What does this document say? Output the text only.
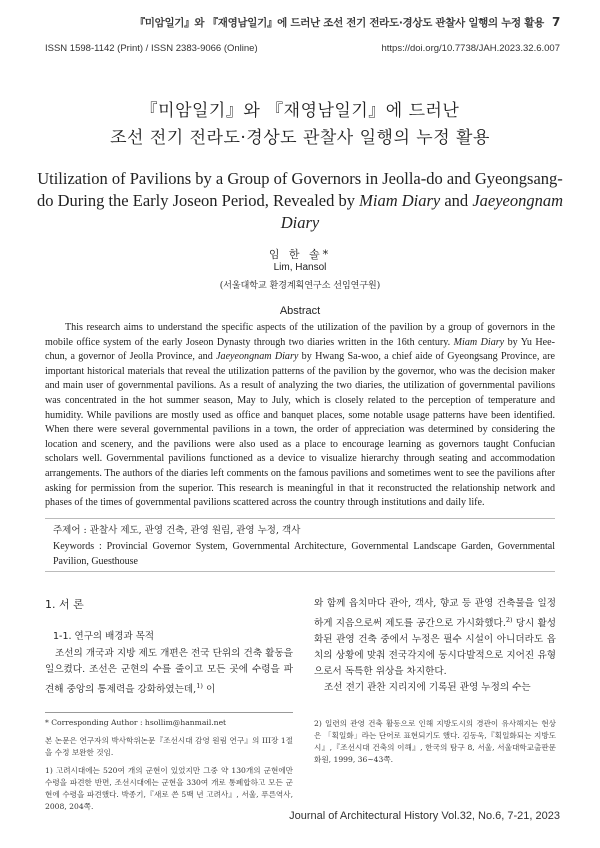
『미암일기』와 『재영남일기』에 드러난 조선 전기 전라도·경상도 관찰사 일행의 누정 활용 7
ISSN 1598-1142 (Print) / ISSN 2383-9066 (Online)	https://doi.org/10.7738/JAH.2023.32.6.007
『미암일기』와 『재영남일기』에 드러난
조선 전기 전라도·경상도 관찰사 일행의 누정 활용
Utilization of Pavilions by a Group of Governors in Jeolla-do and Gyeongsang-do During the Early Joseon Period, Revealed by Miam Diary and Jaeyeongnam Diary
임 한 솔*
Lim, Hansol
(서울대학교 환경계획연구소 선임연구원)
Abstract

This research aims to understand the specific aspects of the utilization of the pavilion by a group of governors in the mobile office system of the early Joseon Dynasty through two diaries written in the 16th century. Miam Diary by Yu Hee-chun, a governor of Jeolla Province, and Jaeyeongnam Diary by Hwang Sa-woo, a chief aide of Gyeongsang Province, are important historical materials that reveal the utilization patterns of the pavilion by the governor, who was the decision maker and main user of governmental pavilions. As a result of analyzing the two diaries, the utilization of governmental pavilions was concentrated in the hot summer season, May to July, which is closely related to the perception of temperature and humidity. While pavilions are mostly used as office and banquet places, some notable usage patterns have been identified. When there were several governmental pavilions in a town, the order of appreciation was determined by considering the location and scenery, and the pavilions were also used as a place to encourage learning as governors taught Confucian scholars well. Governmental pavilions functioned as a device to visualize hierarchy through seating and accommodation arrangements. The authors of the diaries left comments on the famous pavilions and sometimes went to see the pavilions after asking for permission from the superior. This research is meaningful in that it reconstructed the relationship network and phases of the times of governmental pavilions scattered across the country through institutions and daily life.

주제어 : 관찰사 제도, 관영 건축, 관영 원림, 관영 누정, 객사
Keywords : Provincial Governor System, Governmental Architecture, Governmental Landscape Garden, Governmental Pavilion, Guesthouse
1. 서 론
1-1. 연구의 배경과 목적

조선의 개국과 지방 제도 개편은 전국 단위의 건축 활동을 일으켰다. 조선은 군현의 수를 줄이고 모든 곳에 수령을 파견해 중앙의 통제력을 강화하였는데,$^{1)}$ 이

* Corresponding Author : hsollim@hanmail.net

본 논문은 연구자의 박사학위논문『조선시대 감영 원림 연구』의 III장 1절을 수정 보완한 것임.

1) 고려시대에는 520여 개의 군현이 있었지만 그중 약 130개의 군현에만 수령을 파견한 반면, 조선시대에는 군현을 330여 개로 통폐합하고 모든 군현에 수령을 파견했다. 박종기,『새로 쓴 5백 년 고려사』, 서울, 푸른역사, 2008, 204쪽.

와 함께 읍치마다 관아, 객사, 향교 등 관영 건축물을 일정하게 지음으로써 제도를 공간으로 가시화했다.$^{2)}$ 당시 활성화된 관영 건축 중에서 누정은 필수 시설이 아니더라도 읍치의 상황에 맞춰 전국각지에 동시다발적으로 지어진 유형으로서 독특한 위상을 차지한다.

조선 전기 관찬 지리지에 기록된 관영 누정의 수는

2) 일련의 관영 건축 활동으로 인해 지방도시의 경관이 유사해지는 현상은 「획일화」라는 단어로 표현되기도 했다. 김동욱,『획일화되는 지방도시』,『조선시대 건축의 이해』, 한국의 탐구 8, 서울, 서울대학교출판문화원, 1999, 36~43쪽.

Journal of Architectural History Vol.32, No.6, 7-21, 2023
